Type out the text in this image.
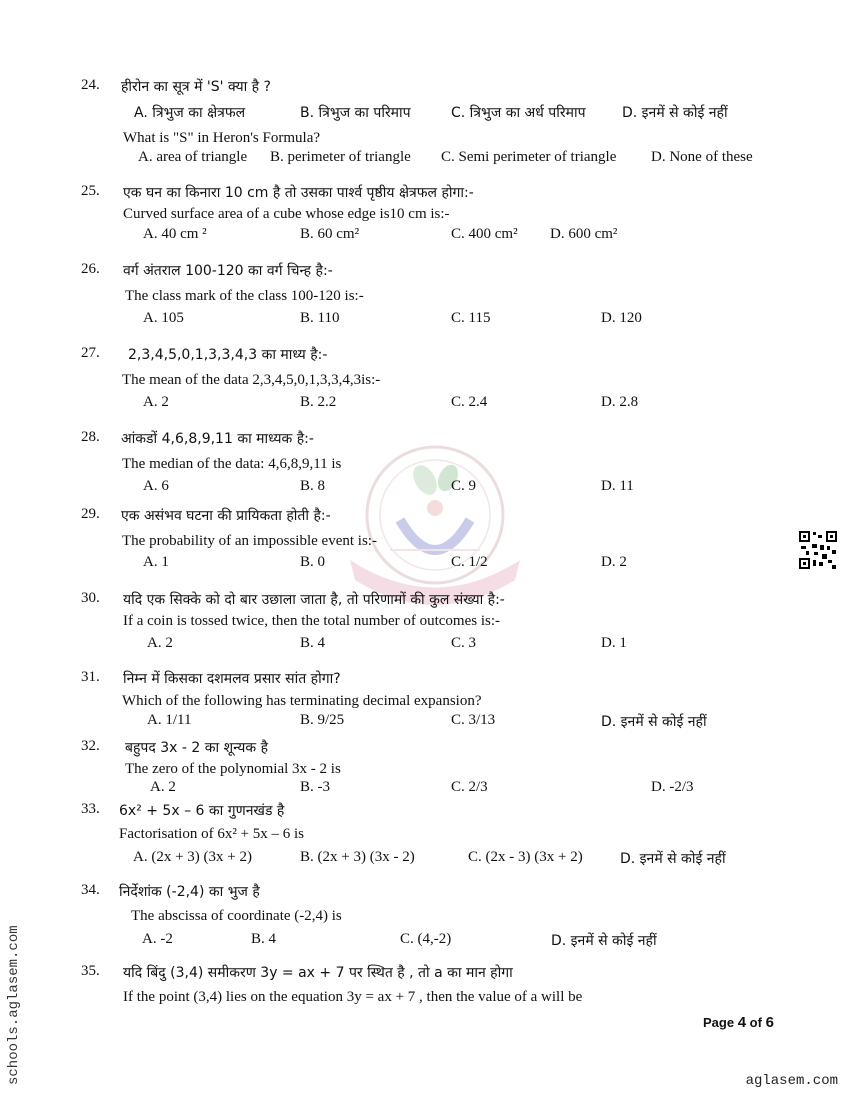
24. हीरोन का सूत्र में 'S' क्या है ?
A. त्रिभुज का क्षेत्रफल	B. त्रिभुज का परिमाप	C. त्रिभुज का अर्ध परिमाप	D. इनमें से कोई नहीं
What is "S" in Heron's Formula?
A. area of triangle B. perimeter of triangle C. Semi perimeter of triangle D. None of these
25. एक घन का किनारा 10 cm है तो उसका पार्श्व पृष्ठीय क्षेत्रफल होगा:-
Curved surface area of a cube whose edge is10 cm is:-
A. 40 cm ²	B. 60 cm²	C. 400 cm² D. 600 cm²
26. वर्ग अंतराल 100-120 का वर्ग चिन्ह है:-
The class mark of the class 100-120 is:-
A. 105	B. 110	C. 115	D. 120
27. 2,3,4,5,0,1,3,3,4,3 का माध्य है:-
The mean of the data 2,3,4,5,0,1,3,3,4,3is:-
A. 2	B. 2.2	C. 2.4	D. 2.8
28. आंकडों 4,6,8,9,11 का माध्यक है:-
The median of the data: 4,6,8,9,11 is
A. 6	B. 8	C. 9	D. 11
29. एक असंभव घटना की प्रायिकता होती है:-
The probability of an impossible event is:-
A. 1	B. 0	C. 1/2	D. 2
30. यदि एक सिक्के को दो बार उछाला जाता है, तो परिणामों की कुल संख्या है:-
If a coin is tossed twice, then the total number of outcomes is:-
A. 2	B. 4	C. 3	D. 1
31. निम्न में किसका दशमलव प्रसार सांत होगा?
Which of the following has terminating decimal expansion?
A. 1/11	B. 9/25	C. 3/13	D. इनमें से कोई नहीं
32. बहुपद 3x - 2 का शून्यक है
The zero of the polynomial 3x - 2 is
A. 2	B. -3	C. 2/3	D. -2/3
33. 6x² + 5x – 6 का गुणनखंड है
Factorisation of 6x² + 5x – 6 is
A. (2x + 3) (3x + 2)	B. (2x + 3) (3x - 2)	C. (2x - 3) (3x + 2)	D. इनमें से कोई नहीं
34. निर्देशांक (-2,4) का भुज है
The abscissa of coordinate (-2,4) is
A. -2	B. 4	C. (4,-2)	D. इनमें से कोई नहीं
35. यदि बिंदु (3,4) समीकरण 3y = ax + 7 पर स्थित है , तो a का मान होगा
If the point (3,4) lies on the equation 3y = ax + 7 , then the value of a will be
Page 4 of 6
aglasem.com
schools.aglasem.com
